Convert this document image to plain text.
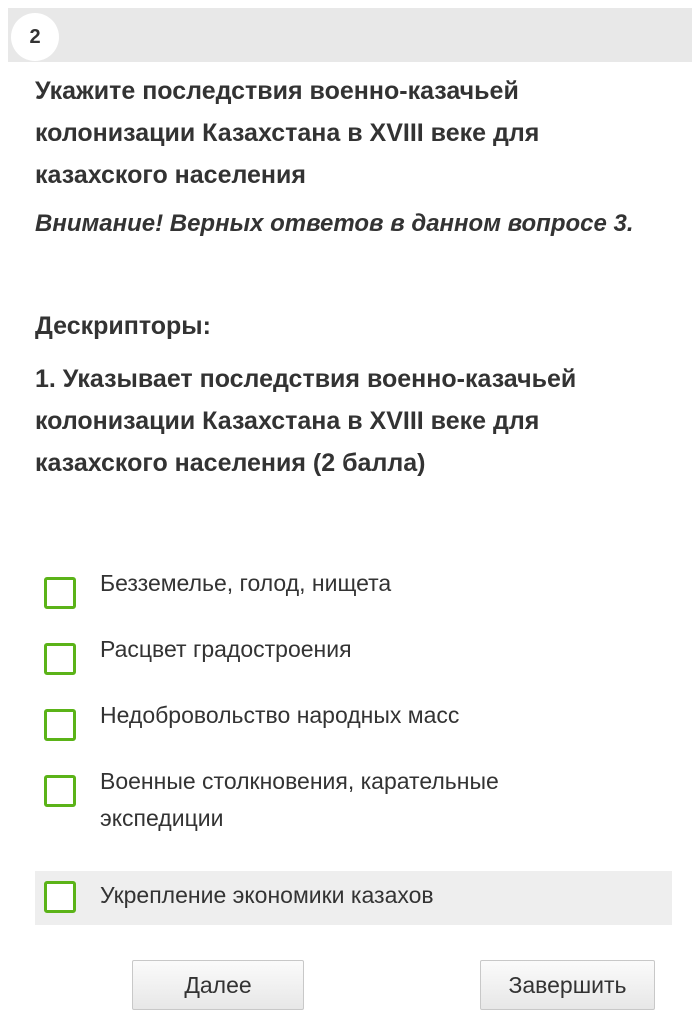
2
Укажите последствия военно-казачьей колонизации Казахстана в XVIII веке для казахского населения
Внимание! Верных ответов в данном вопросе 3.
Дескрипторы:
1. Указывает последствия военно-казачьей колонизации Казахстана в XVIII веке для казахского населения (2 балла)
Безземелье, голод, нищета
Расцвет градостроения
Недобровольство народных масс
Военные столкновения, карательные экспедиции
Укрепление экономики казахов
Далее	Завершить
